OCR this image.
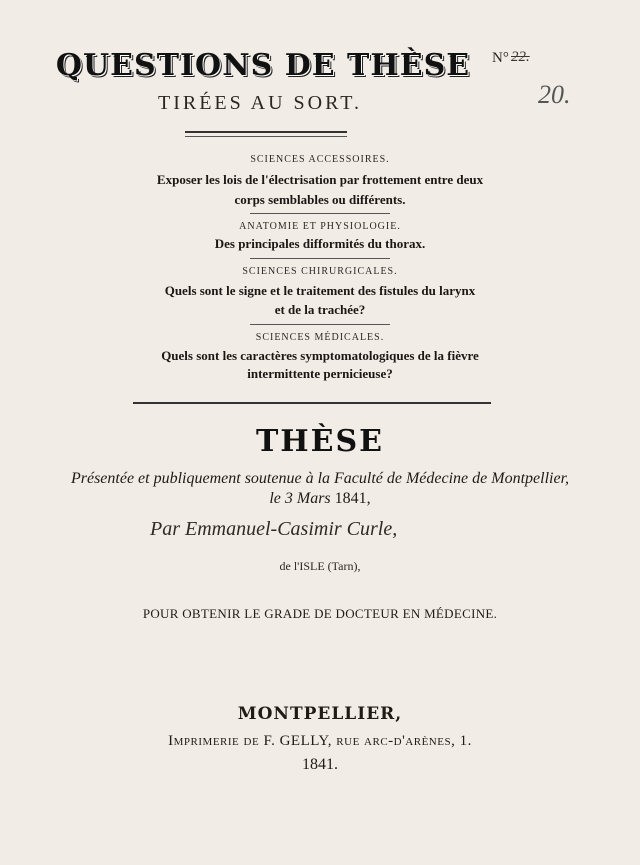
QUESTIONS DE THÈSE	N° 22.
20.
TIRÉES AU SORT.
SCIENCES ACCESSOIRES.
Exposer les lois de l'électrisation par frottement entre deux
corps semblables ou différents.
ANATOMIE ET PHYSIOLOGIE.
Des principales difformités du thorax.
SCIENCES CHIRURGICALES.
Quels sont le signe et le traitement des fistules du larynx
et de la trachée?
SCIENCES MÉDICALES.
Quels sont les caractères symptomatologiques de la fièvre
intermittente pernicieuse?
THÈSE
Présentée et publiquement soutenue à la Faculté de Médecine de Montpellier,
le 3 Mars 1841,
Par Emmanuel-Casimir Curle,
de l'ISLE (Tarn),
POUR OBTENIR LE GRADE DE DOCTEUR EN MÉDECINE.
MONTPELLIER,
Imprimerie de F. GELLY, rue arc-d'arènes, 1.
1841.
